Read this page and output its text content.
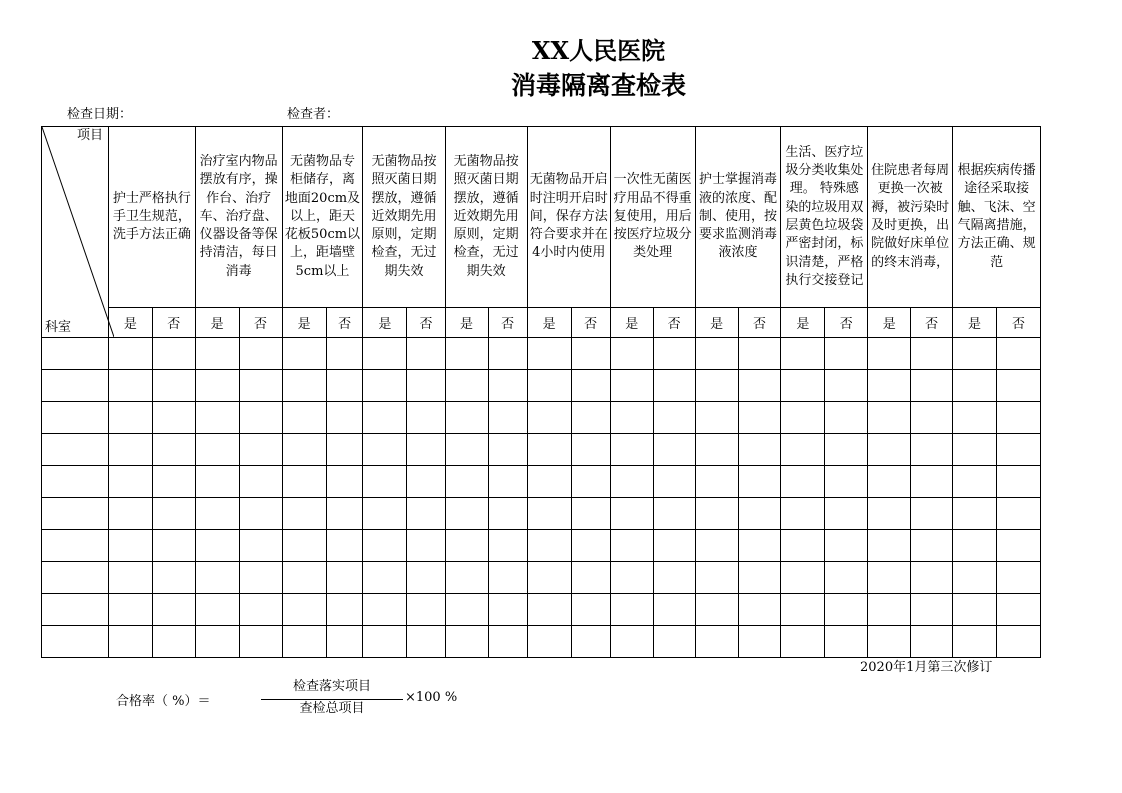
XX人民医院
消毒隔离查检表
检查日期：	检查者：
项目
科室	护士严格执行手卫生规范，洗手方法正确		治疗室内物品摆放有序，操作台、治疗车、治疗盘、仪器设备等保持清洁，每日消毒		无菌物品专柜储存，离地面20cm及以上，距天花板50cm以上，距墙壁5cm以上		无菌物品按照灭菌日期摆放，遵循近效期先用原则，定期检查，无过期失效		无菌物品按照灭菌日期摆放，遵循近效期先用原则，定期检查，无过期失效		无菌物品开启时注明开启时间，保存方法符合要求并在4小时内使用		一次性无菌医疗用品不得重复使用，用后按医疗垃圾分类处理		护士掌握消毒液的浓度、配制、使用，按要求监测消毒液浓度		生活、医疗垃圾分类收集处理。 特殊感染的垃圾用双层黄色垃圾袋严密封闭，标识清楚，严格执行交接登记		住院患者每周更换一次被褥，被污染时及时更换，出院做好床单位的终末消毒，		根据疾病传播途径采取接触、飞沫、空气隔离措施，方法正确、规范	
	是	否	是	否	是	否	是	否	是	否	是	否	是	否	是	否	是	否	是	否	是	否

2020年1月第三次修订
合格率（ %）＝
检查落实项目
查检总项目
×100 %
